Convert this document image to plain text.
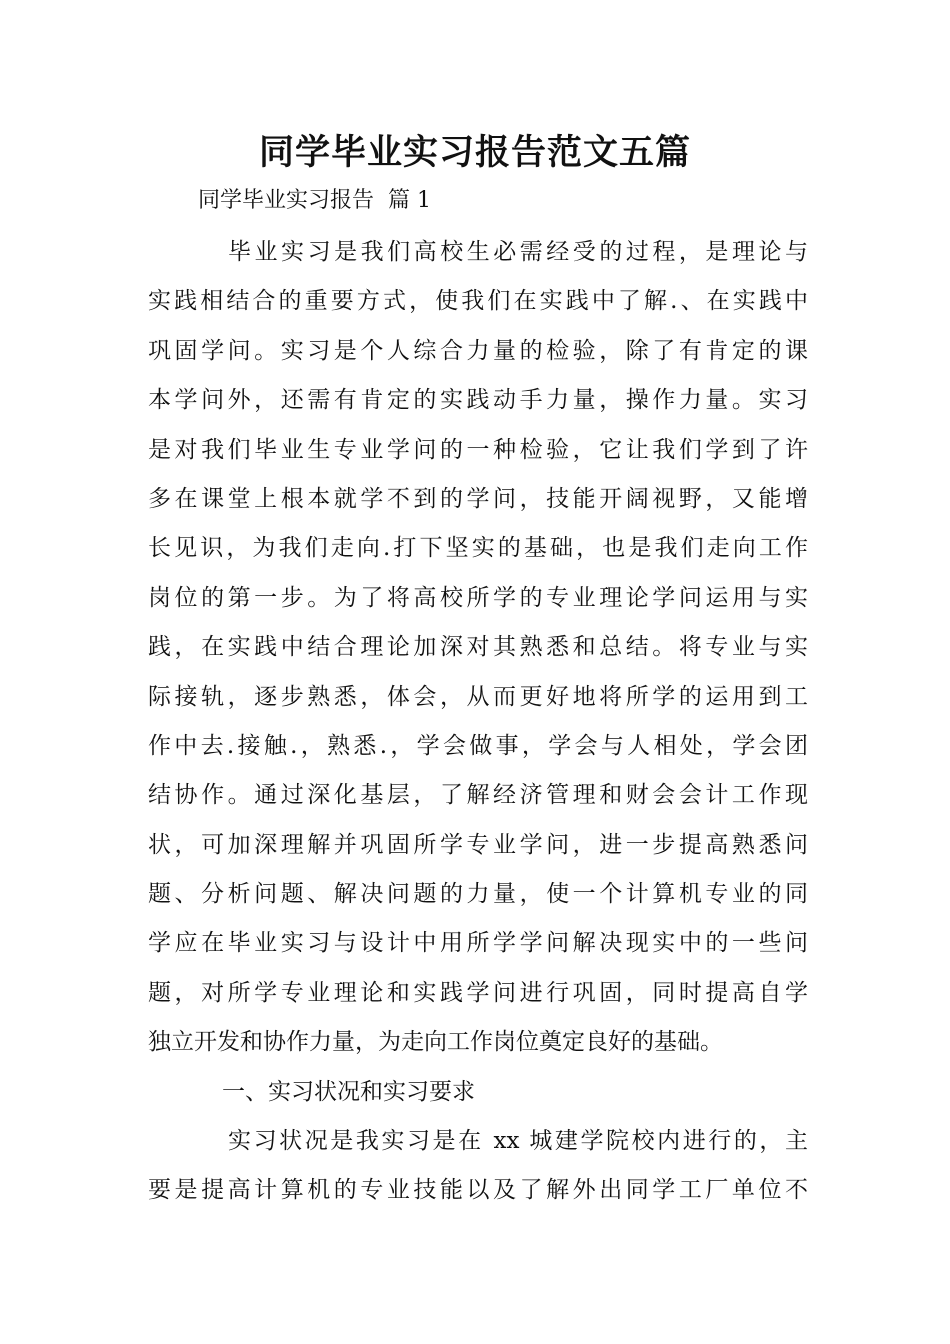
同学毕业实习报告范文五篇
同学毕业实习报告  篇 1
毕业实习是我们高校生必需经受的过程，是理论与
实践相结合的重要方式，使我们在实践中了解.、在实践中
巩固学问。实习是个人综合力量的检验，除了有肯定的课
本学问外，还需有肯定的实践动手力量，操作力量。实习
是对我们毕业生专业学问的一种检验，它让我们学到了许
多在课堂上根本就学不到的学问，技能开阔视野，又能增
长见识，为我们走向.打下坚实的基础，也是我们走向工作
岗位的第一步。为了将高校所学的专业理论学问运用与实
践，在实践中结合理论加深对其熟悉和总结。将专业与实
际接轨，逐步熟悉，体会，从而更好地将所学的运用到工
作中去.接触.，熟悉.，学会做事，学会与人相处，学会团
结协作。通过深化基层，了解经济管理和财会会计工作现
状，可加深理解并巩固所学专业学问，进一步提高熟悉问
题、分析问题、解决问题的力量，使一个计算机专业的同
学应在毕业实习与设计中用所学学问解决现实中的一些问
题，对所学专业理论和实践学问进行巩固，同时提高自学
独立开发和协作力量，为走向工作岗位奠定良好的基础。
一、实习状况和实习要求
实习状况是我实习是在 xx 城建学院校内进行的，主
要是提高计算机的专业技能以及了解外出同学工厂单位不
